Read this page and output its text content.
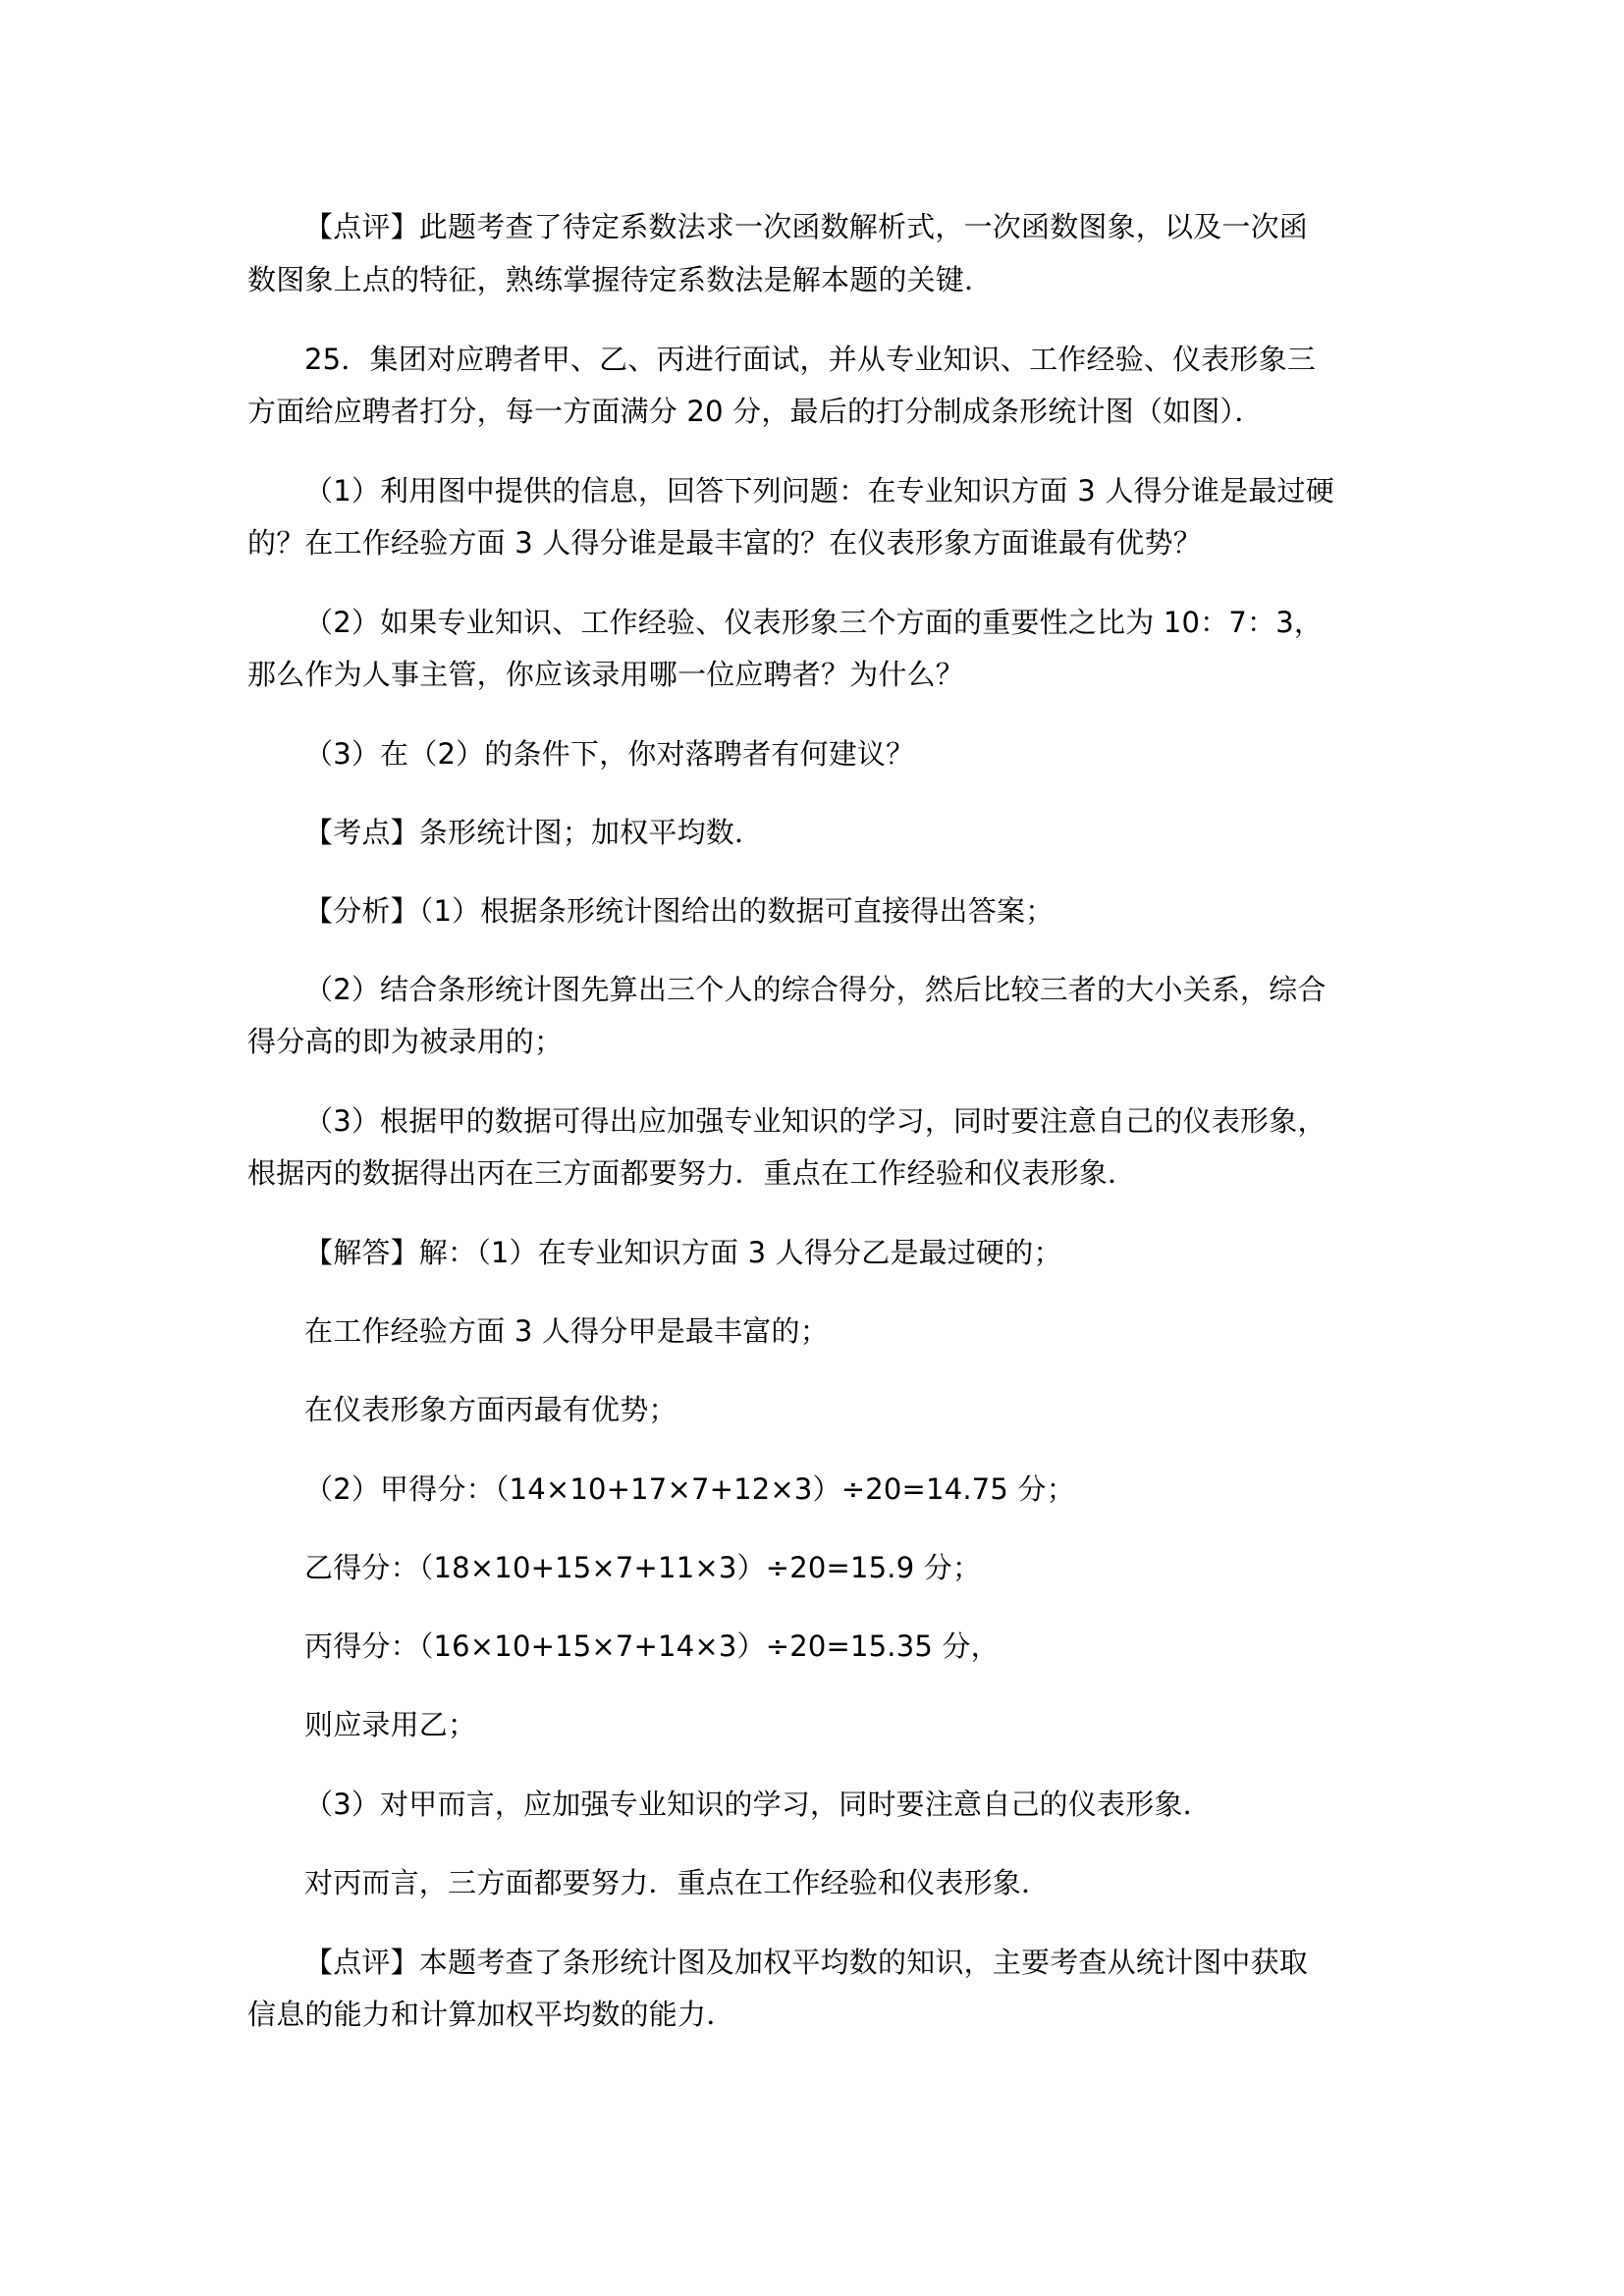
【点评】此题考查了待定系数法求一次函数解析式，一次函数图象，以及一次函

数图象上点的特征，熟练掌握待定系数法是解本题的关键．

25．集团对应聘者甲、乙、丙进行面试，并从专业知识、工作经验、仪表形象三

方面给应聘者打分，每一方面满分 20 分，最后的打分制成条形统计图（如图）．

（1）利用图中提供的信息，回答下列问题：在专业知识方面 3 人得分谁是最过硬

的？在工作经验方面 3 人得分谁是最丰富的？在仪表形象方面谁最有优势？

（2）如果专业知识、工作经验、仪表形象三个方面的重要性之比为 10：7：3，

那么作为人事主管，你应该录用哪一位应聘者？为什么？

（3）在（2）的条件下，你对落聘者有何建议？

【考点】条形统计图；加权平均数．

【分析】（1）根据条形统计图给出的数据可直接得出答案；

（2）结合条形统计图先算出三个人的综合得分，然后比较三者的大小关系，综合

得分高的即为被录用的；

（3）根据甲的数据可得出应加强专业知识的学习，同时要注意自己的仪表形象，

根据丙的数据得出丙在三方面都要努力．重点在工作经验和仪表形象．

【解答】解：（1）在专业知识方面 3 人得分乙是最过硬的；

在工作经验方面 3 人得分甲是最丰富的；

在仪表形象方面丙最有优势；

（2）甲得分：（14×10+17×7+12×3）÷20=14.75 分；

乙得分：（18×10+15×7+11×3）÷20=15.9 分；

丙得分：（16×10+15×7+14×3）÷20=15.35 分，

则应录用乙；

（3）对甲而言，应加强专业知识的学习，同时要注意自己的仪表形象．

对丙而言，三方面都要努力．重点在工作经验和仪表形象．

【点评】本题考查了条形统计图及加权平均数的知识，主要考查从统计图中获取

信息的能力和计算加权平均数的能力．
